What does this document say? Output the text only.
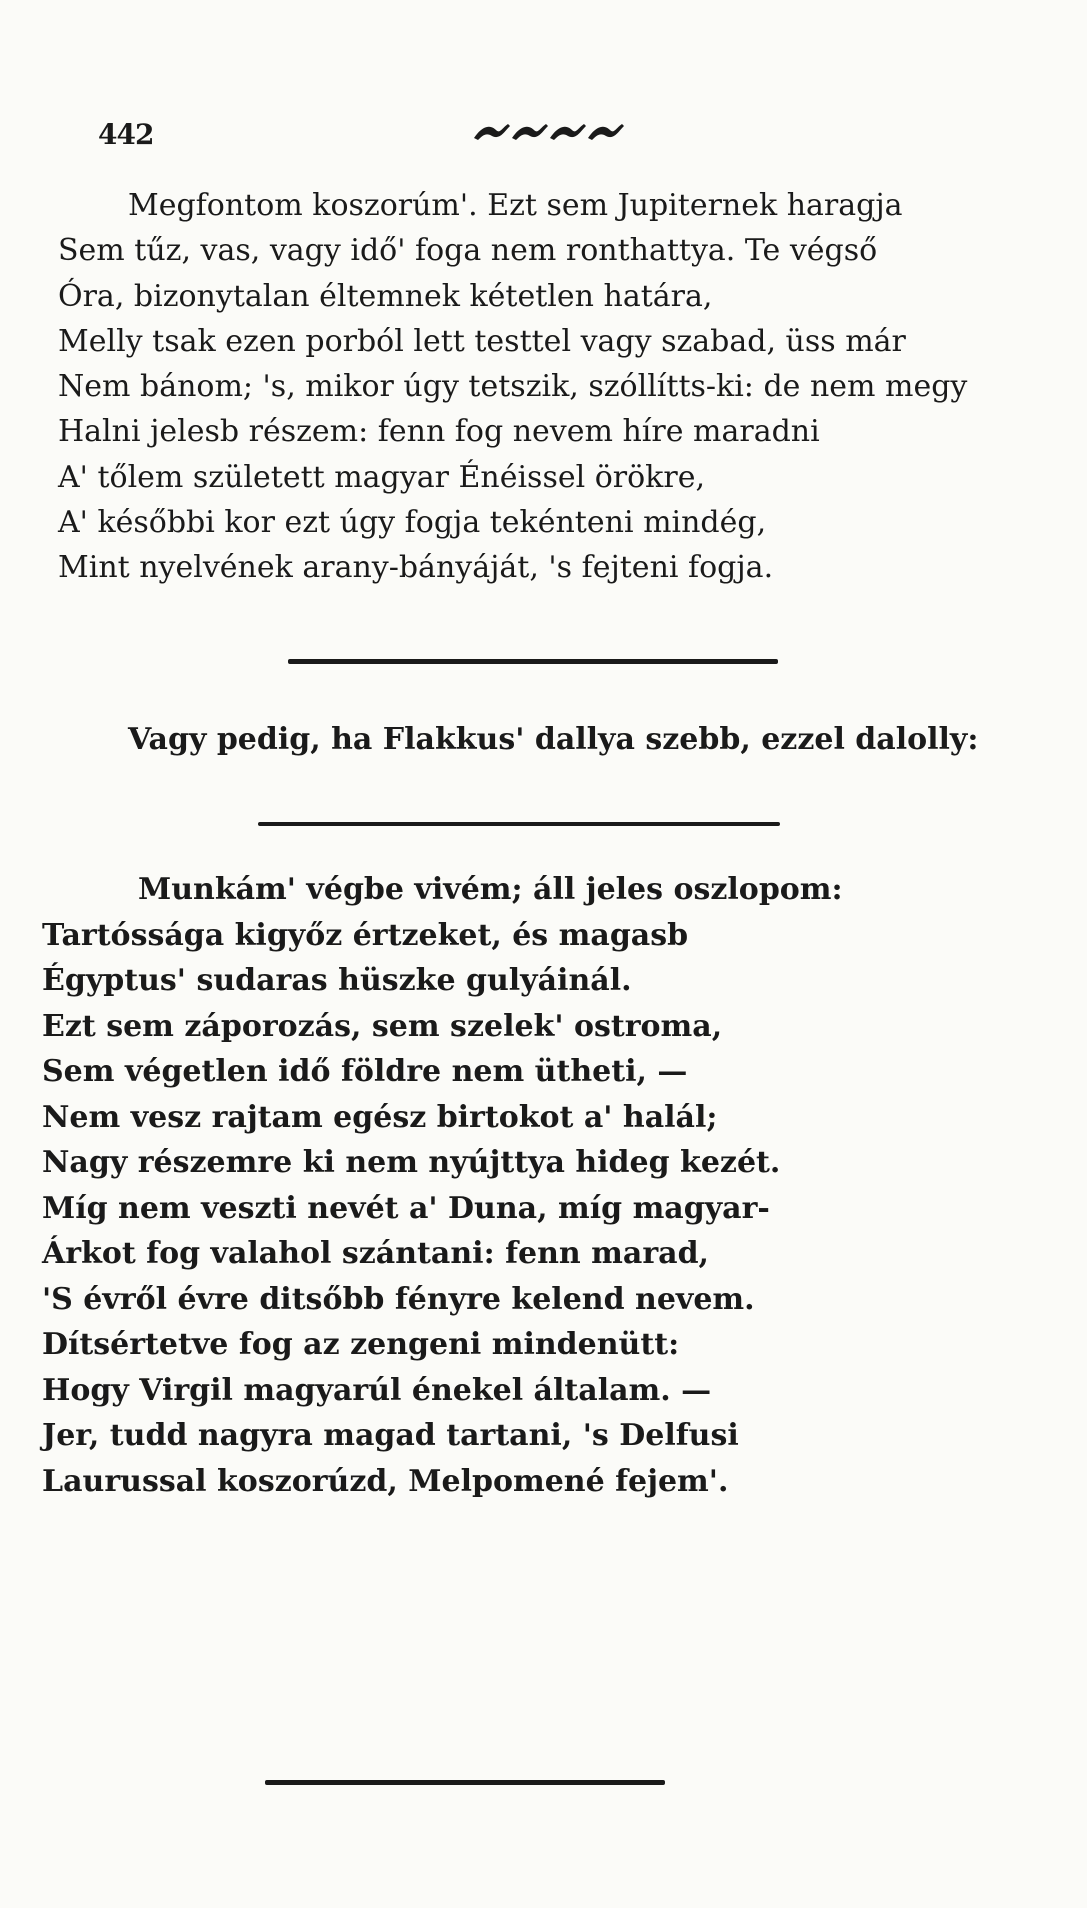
442
Megfontom koszorúm'. Ezt sem Jupiternek haragja
Sem tűz, vas, vagy idő' foga nem ronthattya. Te végső
Óra, bizonytalan éltemnek kétetlen határa,
Melly tsak ezen porból lett testtel vagy szabad, üss már
Nem bánom; 's, mikor úgy tetszik, szóllítts-ki: de nem megy
Halni jelesb részem: fenn fog nevem híre maradni
A' tőlem született magyar Énéissel örökre,
A' későbbi kor ezt úgy fogja tekénteni mindég,
Mint nyelvének arany-bányáját, 's fejteni fogja.
Vagy pedig, ha Flakkus' dallya szebb, ezzel dalolly:
Munkám' végbe vivém; áll jeles oszlopom:
Tartóssága kigyőz értzeket, és magasb
Égyptus' sudaras hüszke gulyáinál.
Ezt sem záporozás, sem szelek' ostroma,
Sem végetlen idő földre nem ütheti, —
Nem vesz rajtam egész birtokot a' halál;
Nagy részemre ki nem nyújttya hideg kezét.
Míg nem veszti nevét a' Duna, míg magyar-
Árkot fog valahol szántani: fenn marad,
'S évről évre ditsőbb fényre kelend nevem.
Dítsértetve fog az zengeni mindenütt:
Hogy Virgil magyarúl énekel általam. —
Jer, tudd nagyra magad tartani, 's Delfusi
Laurussal koszorúzd, Melpomené fejem'.
